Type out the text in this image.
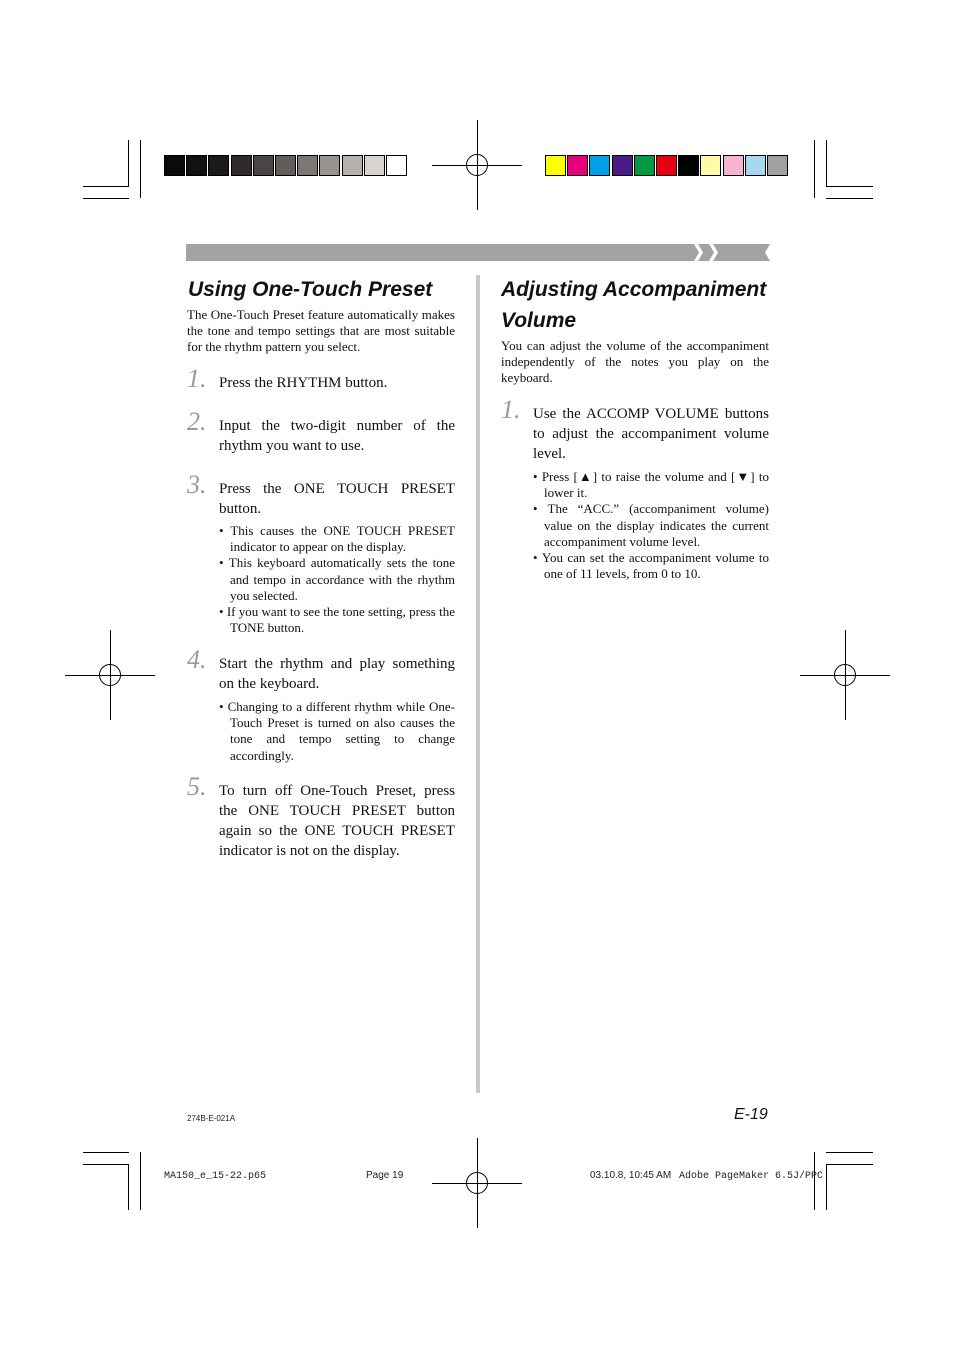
Using One-Touch Preset

The One-Touch Preset feature automatically makes the tone and tempo settings that are most suitable for the rhythm pattern you select.

1. Press the RHYTHM button.
2. Input the two-digit number of the rhythm you want to use.
3. Press the ONE TOUCH PRESET button.
• This causes the ONE TOUCH PRESET indicator to appear on the display.
• This keyboard automatically sets the tone and tempo in accordance with the rhythm you selected.
• If you want to see the tone setting, press the TONE button.
4. Start the rhythm and play something on the keyboard.
• Changing to a different rhythm while One-Touch Preset is turned on also causes the tone and tempo setting to change accordingly.
5. To turn off One-Touch Preset, press the ONE TOUCH PRESET button again so the ONE TOUCH PRESET indicator is not on the display.
Adjusting Accompaniment
Volume

You can adjust the volume of the accompaniment independently of the notes you play on the keyboard.

1. Use the ACCOMP VOLUME buttons to adjust the accompaniment volume level.
• Press [▲] to raise the volume and [▼] to lower it.
• The “ACC.” (accompaniment volume) value on the display indicates the current accompaniment volume level.
• You can set the accompaniment volume to one of 11 levels, from 0 to 10.
274B-E-021A	E-19
MA150_e_15-22.p65	Page 19	03.10.8, 10:45 AM Adobe PageMaker 6.5J/PPC
